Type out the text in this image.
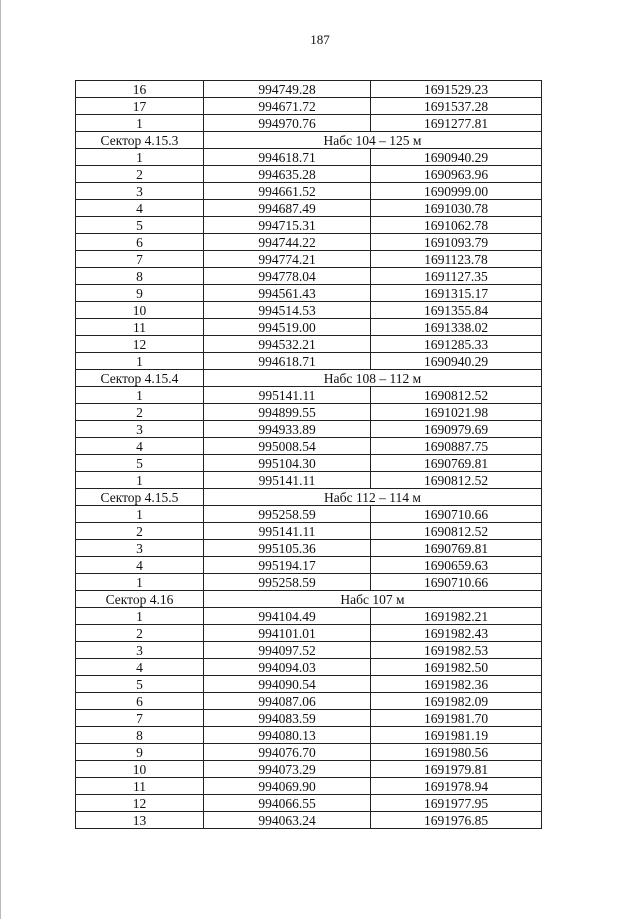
187
16	994749.28	1691529.23
17	994671.72	1691537.28
1	994970.76	1691277.81
Сектор 4.15.3	Набс 104 – 125 м	
1	994618.71	1690940.29
2	994635.28	1690963.96
3	994661.52	1690999.00
4	994687.49	1691030.78
5	994715.31	1691062.78
6	994744.22	1691093.79
7	994774.21	1691123.78
8	994778.04	1691127.35
9	994561.43	1691315.17
10	994514.53	1691355.84
11	994519.00	1691338.02
12	994532.21	1691285.33
1	994618.71	1690940.29
Сектор 4.15.4	Набс 108 – 112 м	
1	995141.11	1690812.52
2	994899.55	1691021.98
3	994933.89	1690979.69
4	995008.54	1690887.75
5	995104.30	1690769.81
1	995141.11	1690812.52
Сектор 4.15.5	Набс 112 – 114 м	
1	995258.59	1690710.66
2	995141.11	1690812.52
3	995105.36	1690769.81
4	995194.17	1690659.63
1	995258.59	1690710.66
Сектор 4.16	Набс 107 м	
1	994104.49	1691982.21
2	994101.01	1691982.43
3	994097.52	1691982.53
4	994094.03	1691982.50
5	994090.54	1691982.36
6	994087.06	1691982.09
7	994083.59	1691981.70
8	994080.13	1691981.19
9	994076.70	1691980.56
10	994073.29	1691979.81
11	994069.90	1691978.94
12	994066.55	1691977.95
13	994063.24	1691976.85
